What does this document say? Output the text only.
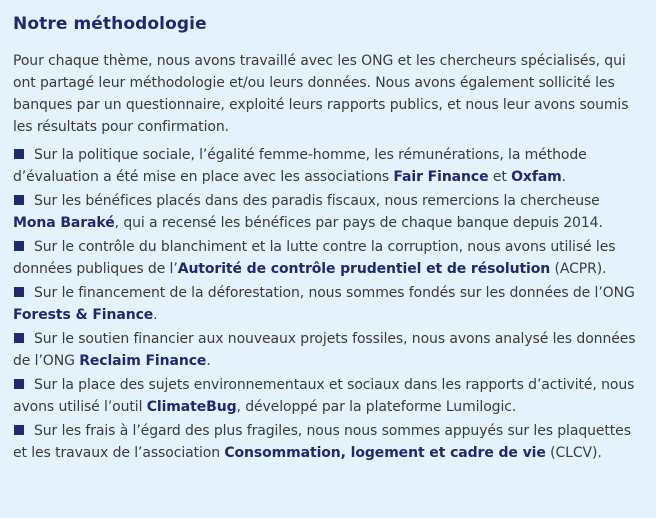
Notre méthodologie

Pour chaque thème, nous avons travaillé avec les ONG et les chercheurs spécialisés, qui ont partagé leur méthodologie et/ou leurs données. Nous avons également sollicité les banques par un questionnaire, exploité leurs rapports publics, et nous leur avons soumis les résultats pour confirmation.

Sur la politique sociale, l’égalité femme-homme, les rémunérations, la méthode d’évaluation a été mise en place avec les associations Fair Finance et Oxfam.
Sur les bénéfices placés dans des paradis fiscaux, nous remercions la chercheuse Mona Baraké, qui a recensé les bénéfices par pays de chaque banque depuis 2014.
Sur le contrôle du blanchiment et la lutte contre la corruption, nous avons utilisé les données publiques de l’Autorité de contrôle prudentiel et de résolution (ACPR).
Sur le financement de la déforestation, nous sommes fondés sur les données de l’ONG Forests & Finance.
Sur le soutien financier aux nouveaux projets fossiles, nous avons analysé les données de l’ONG Reclaim Finance.
Sur la place des sujets environnementaux et sociaux dans les rapports d’activité, nous avons utilisé l’outil ClimateBug, développé par la plateforme Lumilogic.
Sur les frais à l’égard des plus fragiles, nous nous sommes appuyés sur les plaquettes et les travaux de l’association Consommation, logement et cadre de vie (CLCV).
